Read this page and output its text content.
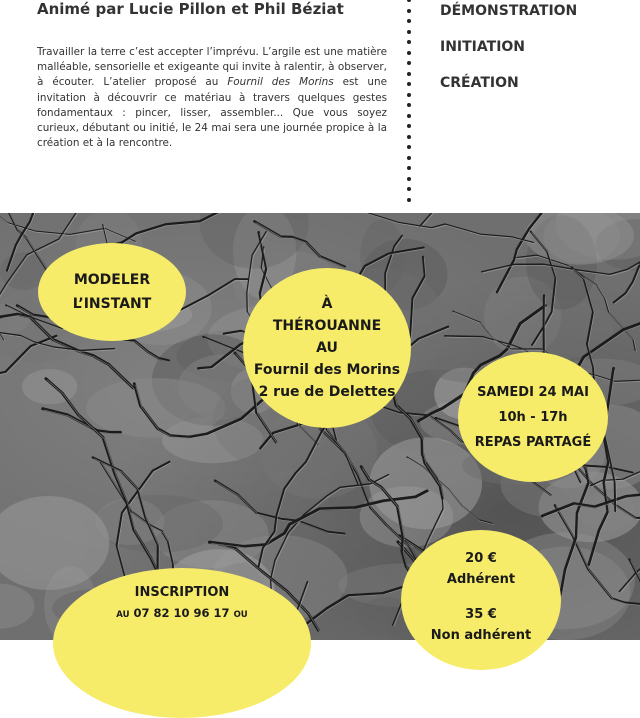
Animé par Lucie Pillon et Phil Béziat
Travailler la terre c’est accepter l’imprévu. L’argile est une matière malléable, sensorielle et exigeante qui invite à ralentir, à observer, à écouter. L’atelier proposé au Fournil des Morins est une invitation à découvrir ce matériau à travers quelques gestes fondamentaux : pincer, lisser, assembler... Que vous soyez curieux, débutant ou initié, le 24 mai sera une journée propice à la création et à la rencontre.
DÉMONSTRATION
INITIATION
CRÉATION
MODELER
L’INSTANT	À
THÉROUANNE
AU
Fournil des Morins
2 rue de Delettes	SAMEDI 24 MAI
10h - 17h
REPAS PARTAGÉ
20 €
Adhérent
35 €
Non adhérent
INSCRIPTION
AU 07 82 10 96 17 OU
